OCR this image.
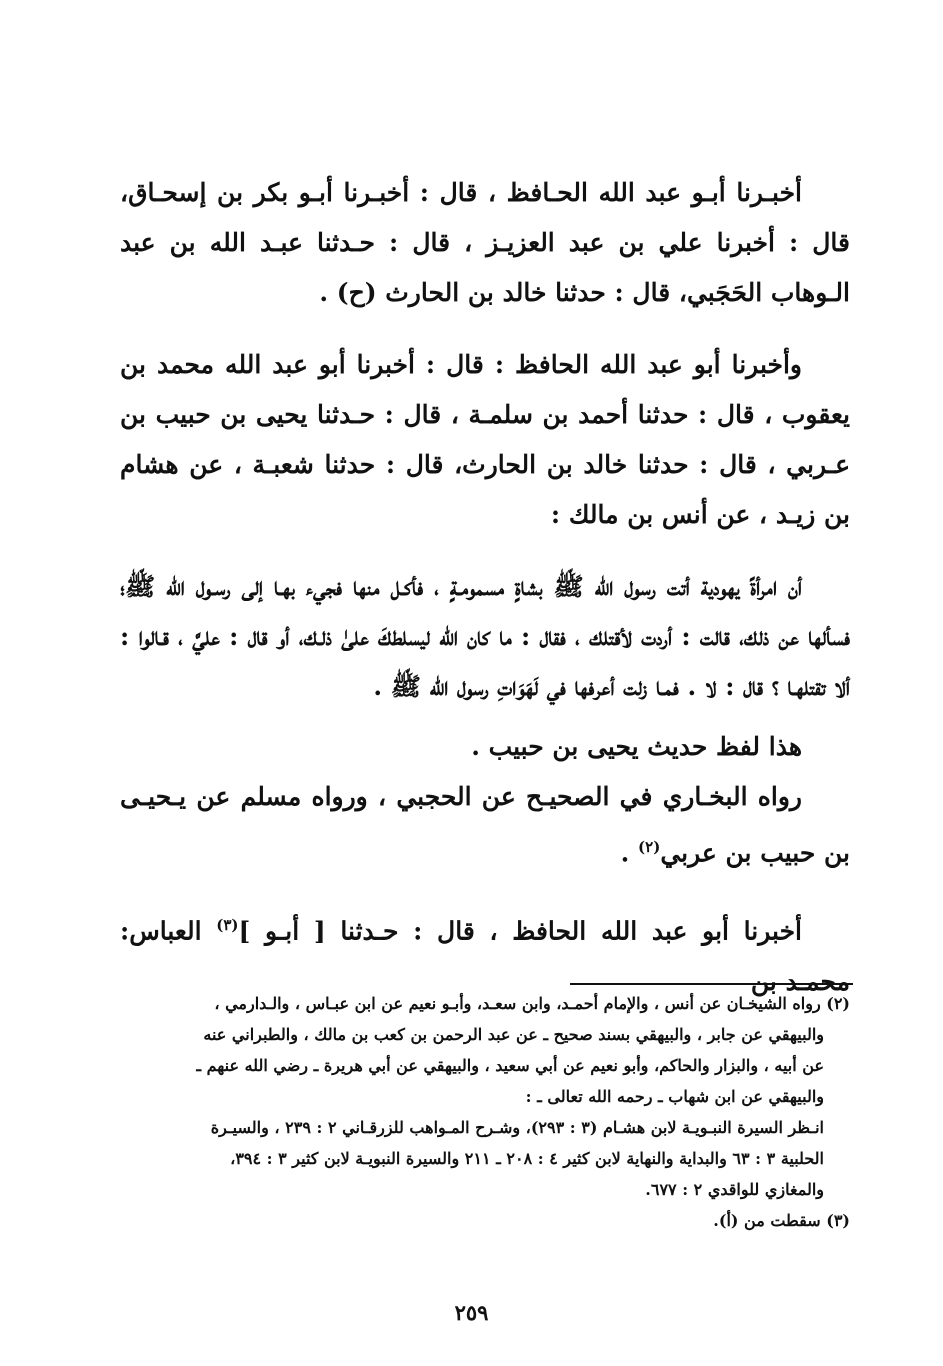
أخبـرنا أبـو عبد الله الحـافظ ، قال : أخبـرنا أبـو بكر بن إسحـاق، قال : أخبرنا علي بن عبد العزيـز ، قال : حـدثنا عبـد الله بن عبد الـوهاب الحَجَبي، قال : حدثنا خالد بن الحارث (ح) .

وأخبرنا أبو عبد الله الحافظ : قال : أخبرنا أبو عبد الله محمد بن يعقوب ، قال : حدثنا أحمد بن سلمـة ، قال : حـدثنا يحيى بن حبيب بن عـربي ، قال : حدثنا خالد بن الحارث، قال : حدثنا شعبـة ، عن هشام بن زيـد ، عن أنس بن مالك :

أن امرأةً يهودية أتت رسول الله ﷺ بشاةٍ مسمومـةٍ ، فأكـل منها فجيء بهـا إلى رسـول الله ﷺ؛ فسألها عن ذلك، قالت : أردت لأقتلك ، فقال : ما كان الله ليسلطكَ علىٰ ذلـك، أو قال : عليَّ ، قـالوا : ألا تقتلهـا ؟ قال : لا . فمـا زلت أعرفها في لَهَوَاتِ رسول الله ﷺ .

هذا لفظ حديث يحيى بن حبيب .

رواه البخـاري في الصحيـح عن الحجبي ، ورواه مسلم عن يـحيـى بن حبيب بن عربي$^{(٢)}$ .

أخبرنا أبو عبد الله الحافظ ، قال : حـدثنا [ أبـو ]$^{(٣)}$ العباس: محمـد بن

(٢) رواه الشيخـان عن أنس ، والإمام أحمـد، وابن سعـد، وأبـو نعيم عن ابن عبـاس ، والـدارمي ،

والبيهقي عن جابر ، والبيهقي بسند صحيح ـ عن عبد الرحمن بن كعب بن مالك ، والطبراني عنه

عن أبيه ، والبزار والحاكم، وأبو نعيم عن أبي سعيد ، والبيهقي عن أبي هريرة ـ رضي الله عنهم ـ

والبيهقي عن ابن شهاب ـ رحمه الله تعالى ـ :

انـظر السيرة النبـويـة لابن هشـام (٣ : ٢٩٣)، وشـرح المـواهب للزرقـاني ٢ : ٢٣٩ ، والسيـرة

الحلبية ٣ : ٦٣ والبداية والنهاية لابن كثير ٤ : ٢٠٨ ـ ٢١١ والسيرة النبويـة لابن كثير ٣ : ٣٩٤،

والمغازي للواقدي ٢ : ٦٧٧.

(٣) سقطت من (أ).

٢٥٩
